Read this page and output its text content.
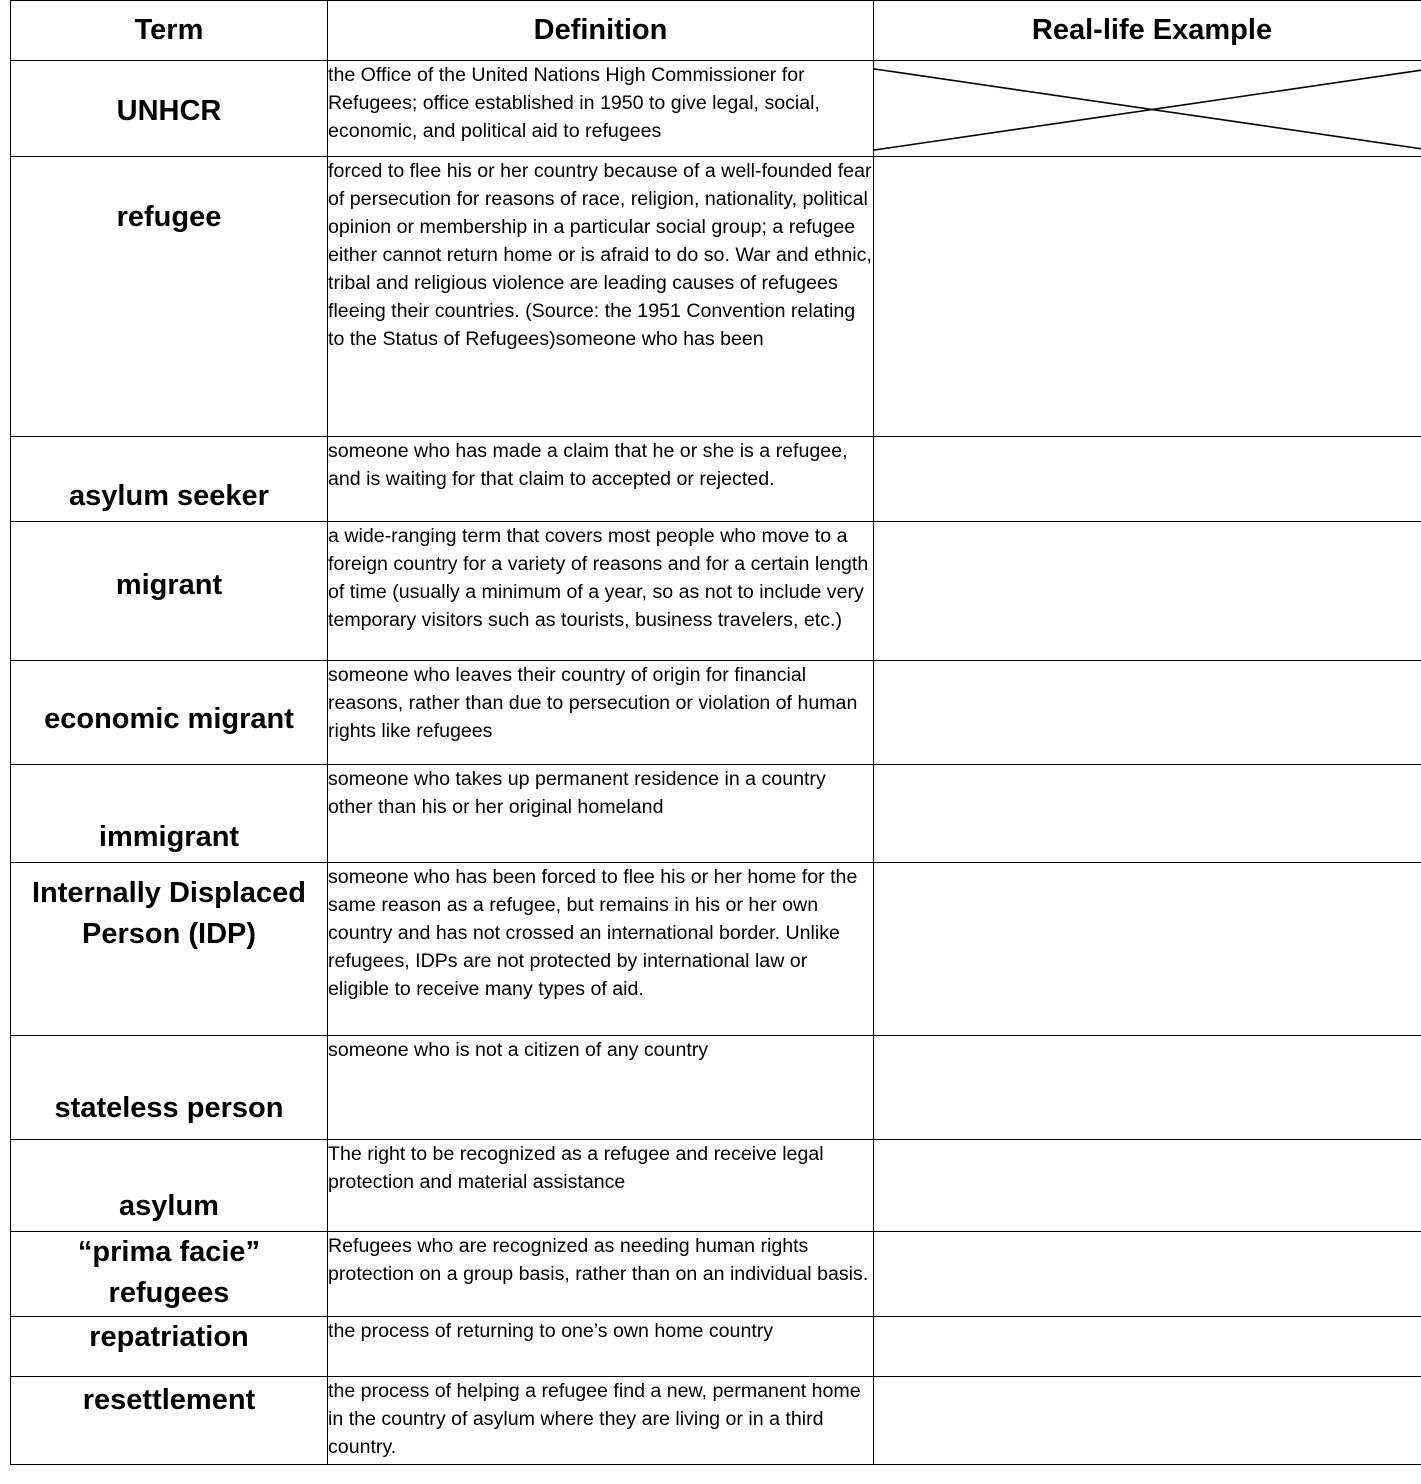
Term	Definition	Real-life Example

UNHCR	the Office of the United Nations High Commissioner for Refugees; office established in 1950 to give legal, social, economic, and political aid to refugees	

refugee	forced to flee his or her country because of a well-founded fear of persecution for reasons of race, religion, nationality, political opinion or membership in a particular social group; a refugee either cannot return home or is afraid to do so. War and ethnic, tribal and religious violence are leading causes of refugees fleeing their countries. (Source: the 1951 Convention relating to the Status of Refugees)someone who has been	

asylum seeker	someone who has made a claim that he or she is a refugee, and is waiting for that claim to accepted or rejected.	

migrant	a wide-ranging term that covers most people who move to a foreign country for a variety of reasons and for a certain length of time (usually a minimum of a year, so as not to include very temporary visitors such as tourists, business travelers, etc.)	

economic migrant	someone who leaves their country of origin for financial reasons, rather than due to persecution or violation of human rights like refugees	

immigrant	someone who takes up permanent residence in a country other than his or her original homeland	

Internally Displaced Person (IDP)	someone who has been forced to flee his or her home for the same reason as a refugee, but remains in his or her own country and has not crossed an international border. Unlike refugees, IDPs are not protected by international law or eligible to receive many types of aid.	

stateless person	someone who is not a citizen of any country	

asylum	The right to be recognized as a refugee and receive legal protection and material assistance	

“prima facie” refugees	Refugees who are recognized as needing human rights protection on a group basis, rather than on an individual basis.	

repatriation	the process of returning to one’s own home country	

resettlement	the process of helping a refugee find a new, permanent home in the country of asylum where they are living or in a third country.	
